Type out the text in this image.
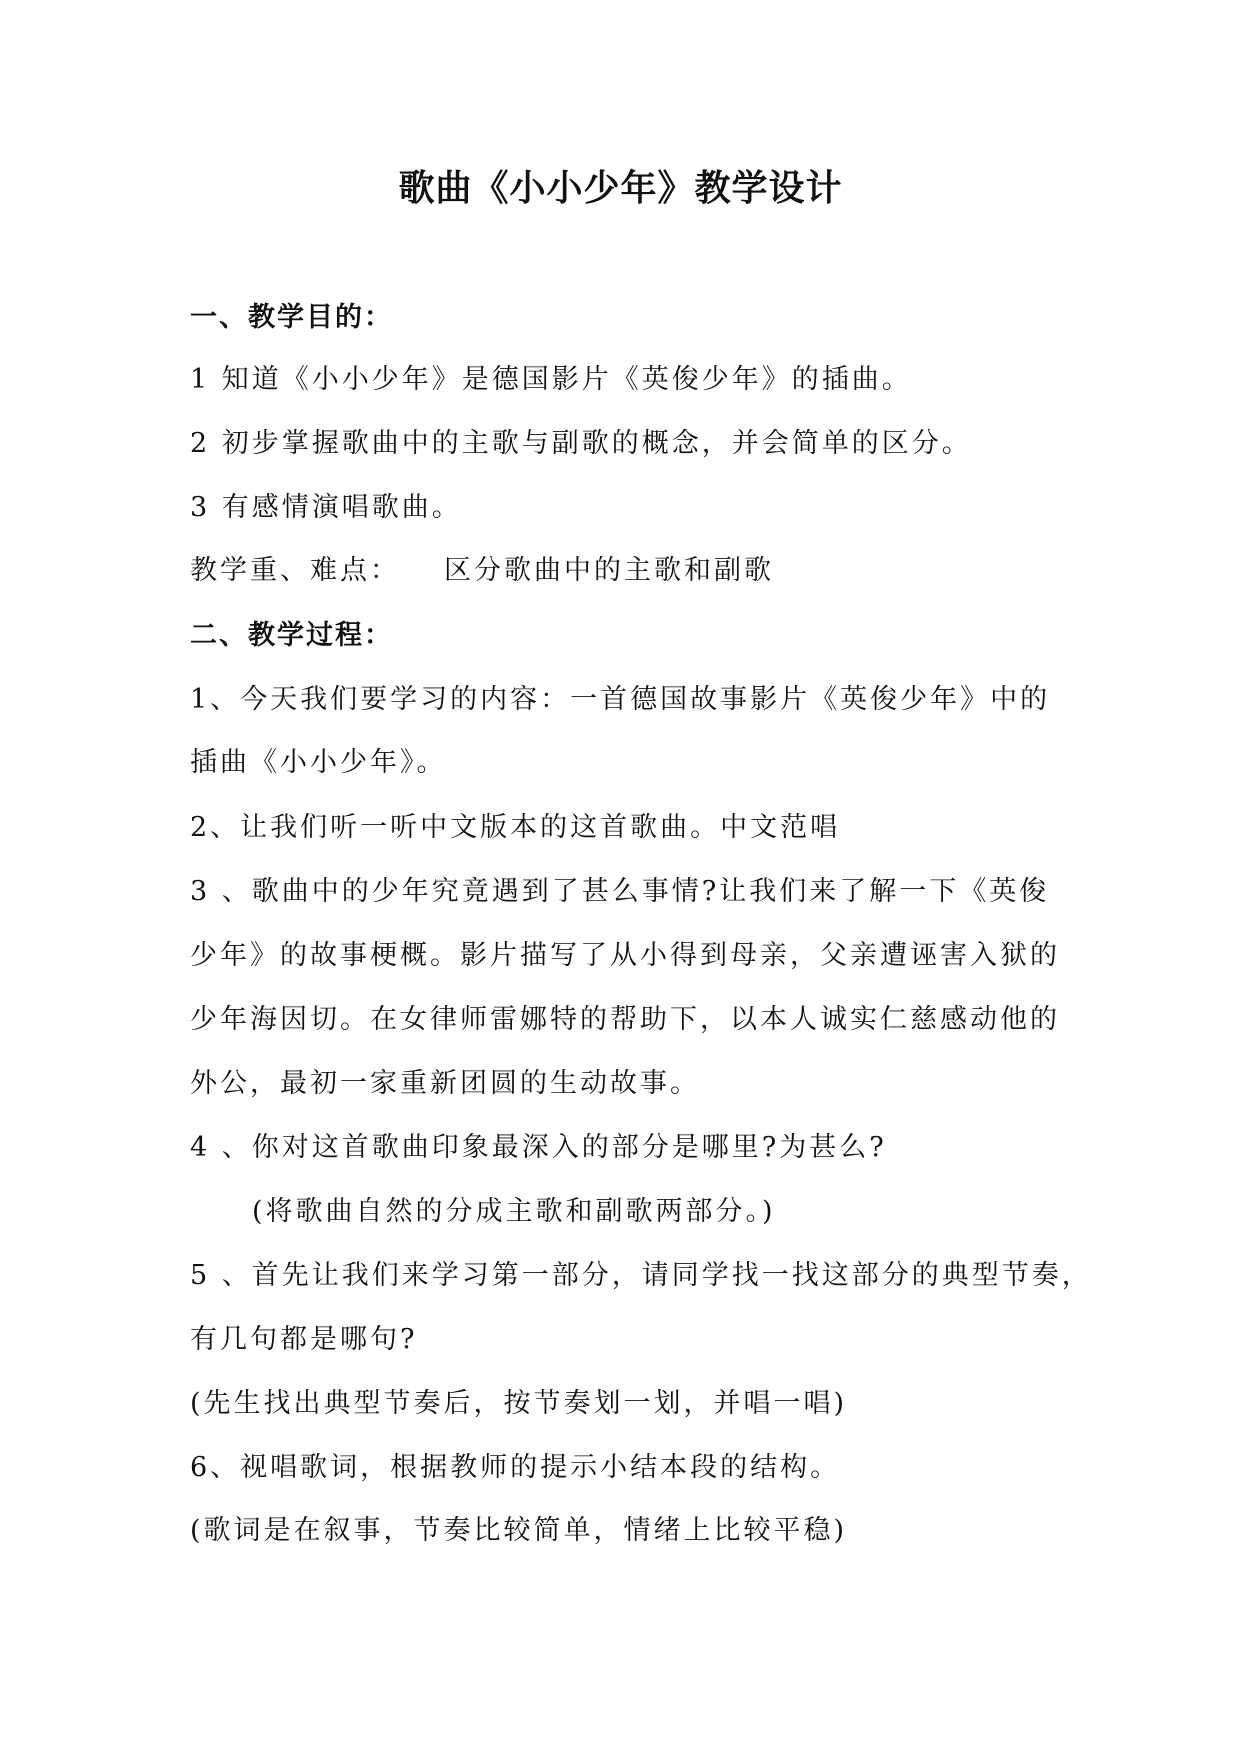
歌曲《小小少年》教学设计

一、教学目的：

1 知道《小小少年》是德国影片《英俊少年》的插曲。

2 初步掌握歌曲中的主歌与副歌的概念，并会简单的区分。

3 有感情演唱歌曲。

教学重、难点： 区分歌曲中的主歌和副歌

二、教学过程：

1、今天我们要学习的内容：一首德国故事影片《英俊少年》中的

插曲《小小少年》。

2、让我们听一听中文版本的这首歌曲。中文范唱

3 、歌曲中的少年究竟遇到了甚么事情?让我们来了解一下《英俊

少年》的故事梗概。影片描写了从小得到母亲，父亲遭诬害入狱的

少年海因切。在女律师雷娜特的帮助下，以本人诚实仁慈感动他的

外公，最初一家重新团圆的生动故事。

4 、你对这首歌曲印象最深入的部分是哪里?为甚么?

(将歌曲自然的分成主歌和副歌两部分。)

5 、首先让我们来学习第一部分，请同学找一找这部分的典型节奏，

有几句都是哪句?

(先生找出典型节奏后，按节奏划一划，并唱一唱)

6、视唱歌词，根据教师的提示小结本段的结构。

(歌词是在叙事，节奏比较简单，情绪上比较平稳)
